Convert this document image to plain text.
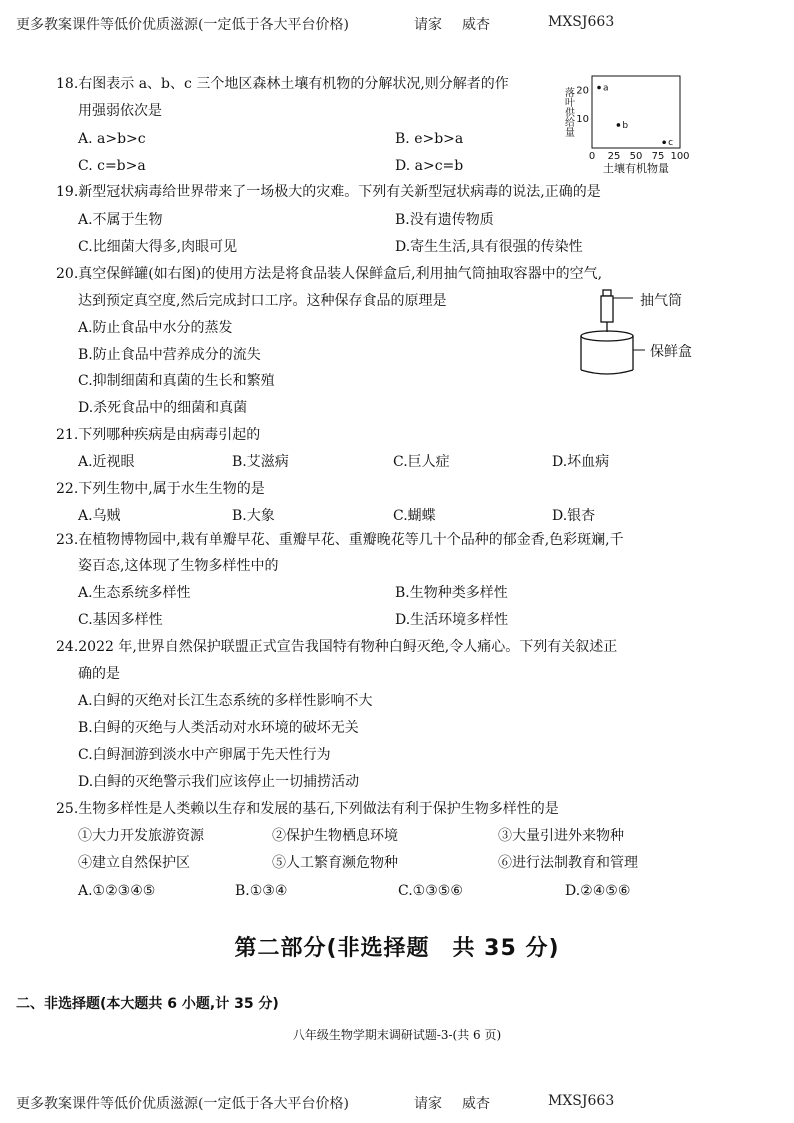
更多教案课件等低价优质滋源(一定低于各大平台价格)	请家 威杏	MXSJ663
18.右图表示 a、b、c 三个地区森林土壤有机物的分解状况,则分解者的作
用强弱依次是
A. a>b>c	B. e>b>a
C. c=b>a	D. a>c=b
0 25 50 75 100
10
20
土壤有机物量
落叶供给量	a
b
c
19.新型冠状病毒给世界带来了一场极大的灾难。下列有关新型冠状病毒的说法,正确的是
A.不属于生物	B.没有遗传物质
C.比细菌大得多,肉眼可见	D.寄生生活,具有很强的传染性
20.真空保鲜罐(如右图)的使用方法是将食品装人保鲜盒后,利用抽气筒抽取容器中的空气,
达到预定真空度,然后完成封口工序。这种保存食品的原理是
A.防止食品中水分的蒸发
B.防止食品中营养成分的流失
C.抑制细菌和真菌的生长和繁殖
D.杀死食品中的细菌和真菌
抽气筒
保鲜盒
21.下列哪种疾病是由病毒引起的
A.近视眼	B.艾滋病	C.巨人症	D.坏血病
22.下列生物中,属于水生生物的是
A.乌贼	B.大象	C.蝴蝶	D.银杏
23.在植物博物园中,栽有单瓣早花、重瓣早花、重瓣晚花等几十个品种的郁金香,色彩斑斓,千
姿百态,这体现了生物多样性中的
A.生态系统多样性	B.生物种类多样性
C.基因多样性	D.生活环境多样性
24.2022 年,世界自然保护联盟正式宣告我国特有物种白鲟灭绝,令人痛心。下列有关叙述正
确的是
A.白鲟的灭绝对长江生态系统的多样性影响不大
B.白鲟的灭绝与人类活动对水环境的破坏无关
C.白鲟洄游到淡水中产卵属于先天性行为
D.白鲟的灭绝警示我们应该停止一切捕捞活动
25.生物多样性是人类赖以生存和发展的基石,下列做法有利于保护生物多样性的是
①大力开发旅游资源	②保护生物栖息环境	③大量引进外来物种
④建立自然保护区	⑤人工繁育濒危物种	⑥进行法制教育和管理
A.①②③④⑤	B.①③④	C.①③⑤⑥	D.②④⑤⑥
第二部分(非选择题　共 35 分)
二、非选择题(本大题共 6 小题,计 35 分)
八年级生物学期末调研试题-3-(共 6 页)
更多教案课件等低价优质滋源(一定低于各大平台价格)	请家 威杏	MXSJ663
